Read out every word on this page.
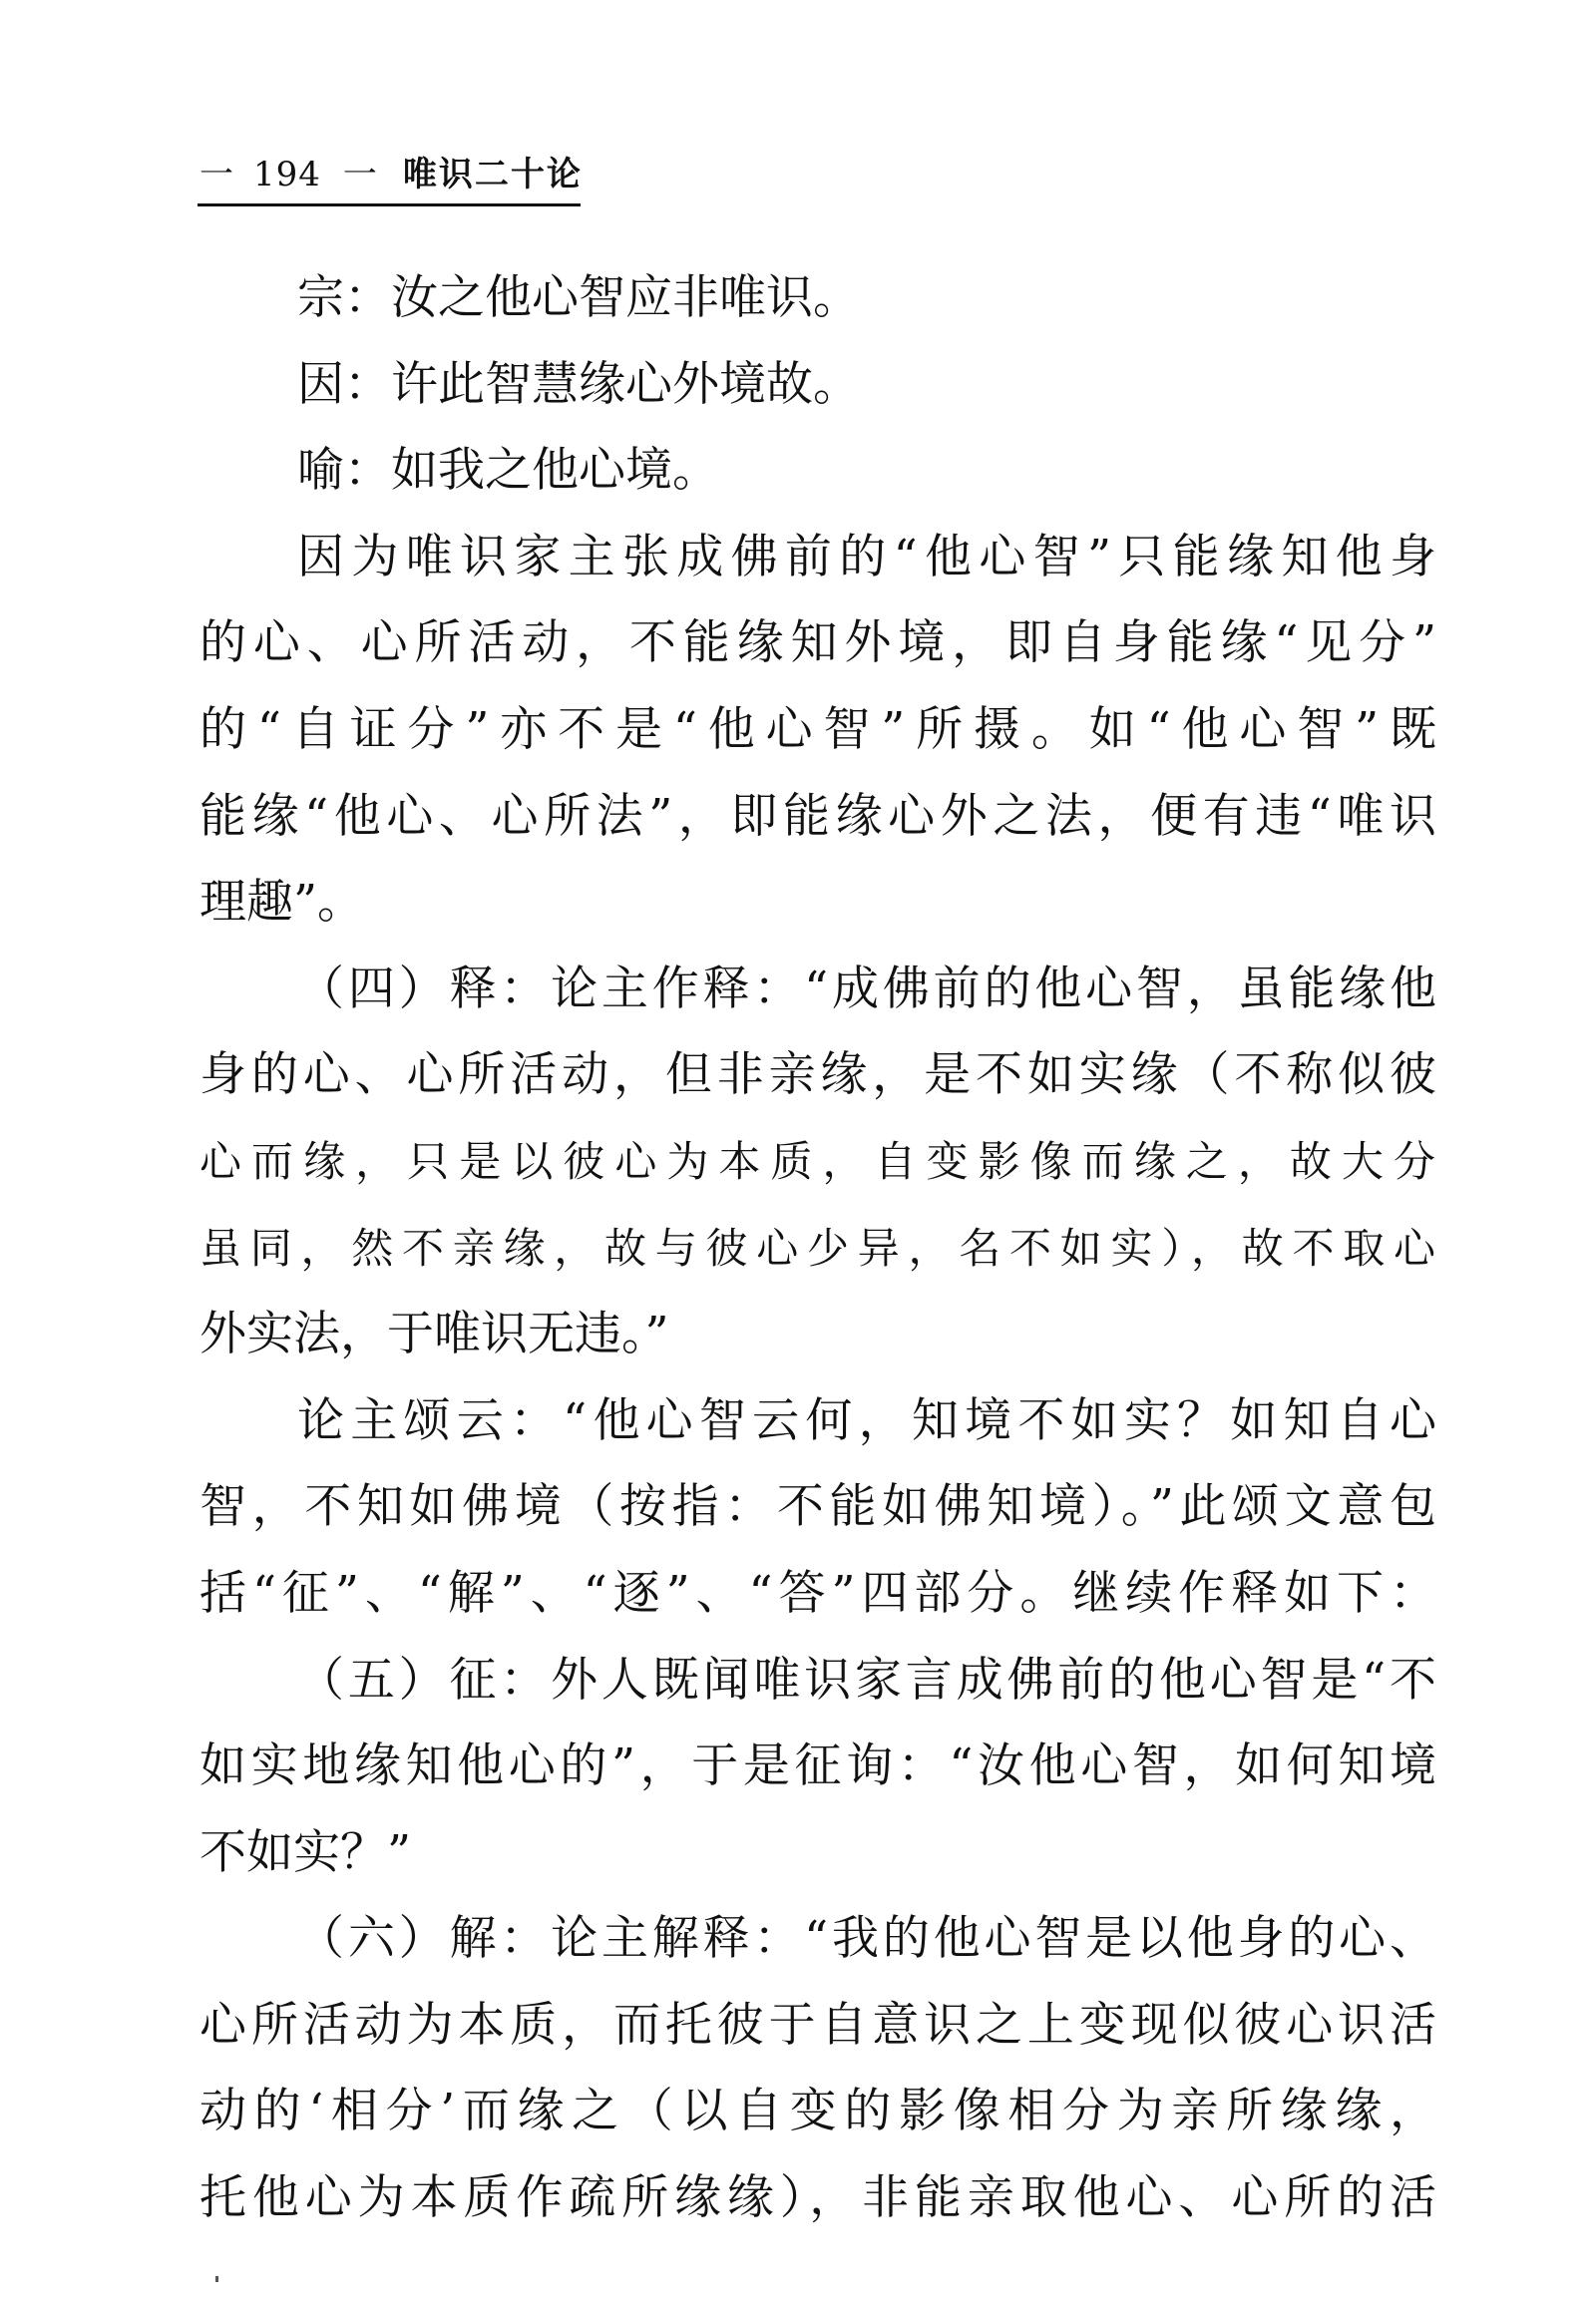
一 194 一 唯识二十论
宗：汝之他心智应非唯识。
因：许此智慧缘心外境故。
喻：如我之他心境。
因为唯识家主张成佛前的“他心智”只能缘知他身
的心、心所活动，不能缘知外境，即自身能缘“见分”
的“自证分”亦不是“他心智”所摄。如“他心智”既
能缘“他心、心所法”，即能缘心外之法，便有违“唯识
理趣”。
（四）释：论主作释：“成佛前的他心智，虽能缘他
身的心、心所活动，但非亲缘，是不如实缘（不称似彼
心而缘，只是以彼心为本质，自变影像而缘之，故大分
虽同，然不亲缘，故与彼心少异，名不如实），故不取心
外实法，于唯识无违。”
论主颂云：“他心智云何，知境不如实？如知自心
智，不知如佛境（按指：不能如佛知境）。”此颂文意包
括“征”、“解”、“逐”、“答”四部分。继续作释如下：
（五）征：外人既闻唯识家言成佛前的他心智是“不
如实地缘知他心的”，于是征询：“汝他心智，如何知境
不如实？”
（六）解：论主解释：“我的他心智是以他身的心、
心所活动为本质，而托彼于自意识之上变现似彼心识活
动的‘相分’而缘之（以自变的影像相分为亲所缘缘，
托他心为本质作疏所缘缘），非能亲取他心、心所的活
